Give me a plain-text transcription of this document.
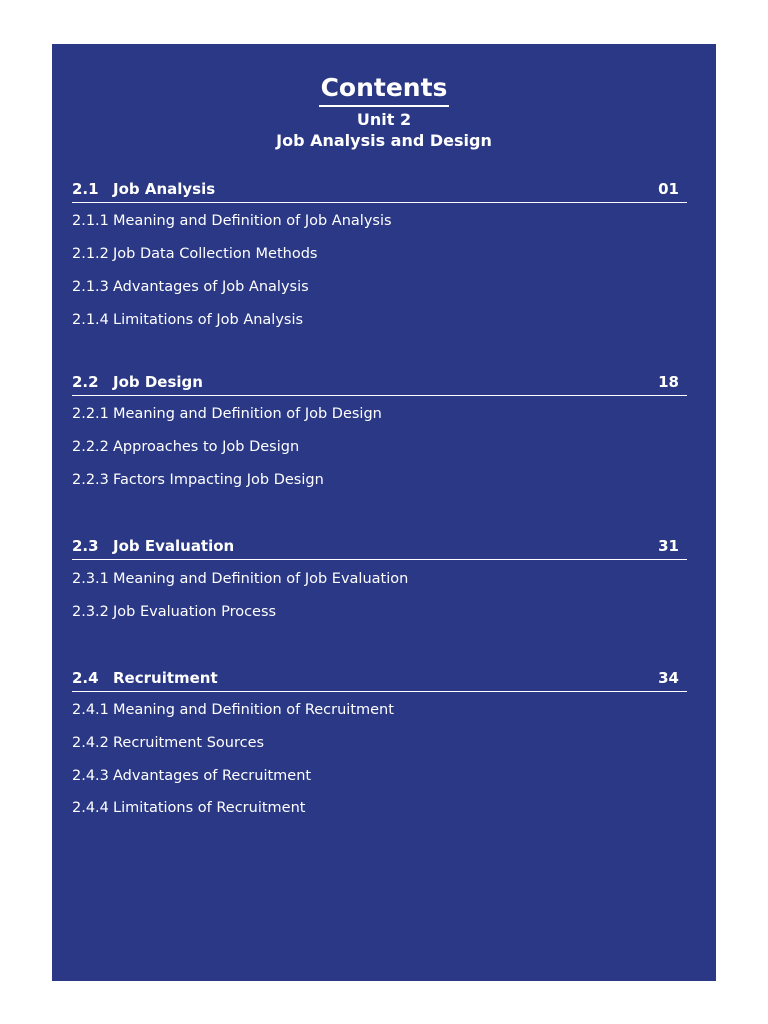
Contents
Unit 2
Job Analysis and Design
2.1 Job Analysis	01
2.1.1 Meaning and Definition of Job Analysis
2.1.2 Job Data Collection Methods
2.1.3 Advantages of Job Analysis
2.1.4 Limitations of Job Analysis
2.2 Job Design	18
2.2.1 Meaning and Definition of Job Design
2.2.2 Approaches to Job Design
2.2.3 Factors Impacting Job Design
2.3 Job Evaluation	31
2.3.1 Meaning and Definition of Job Evaluation
2.3.2 Job Evaluation Process
2.4 Recruitment	34
2.4.1 Meaning and Definition of Recruitment
2.4.2 Recruitment Sources
2.4.3 Advantages of Recruitment
2.4.4 Limitations of Recruitment
